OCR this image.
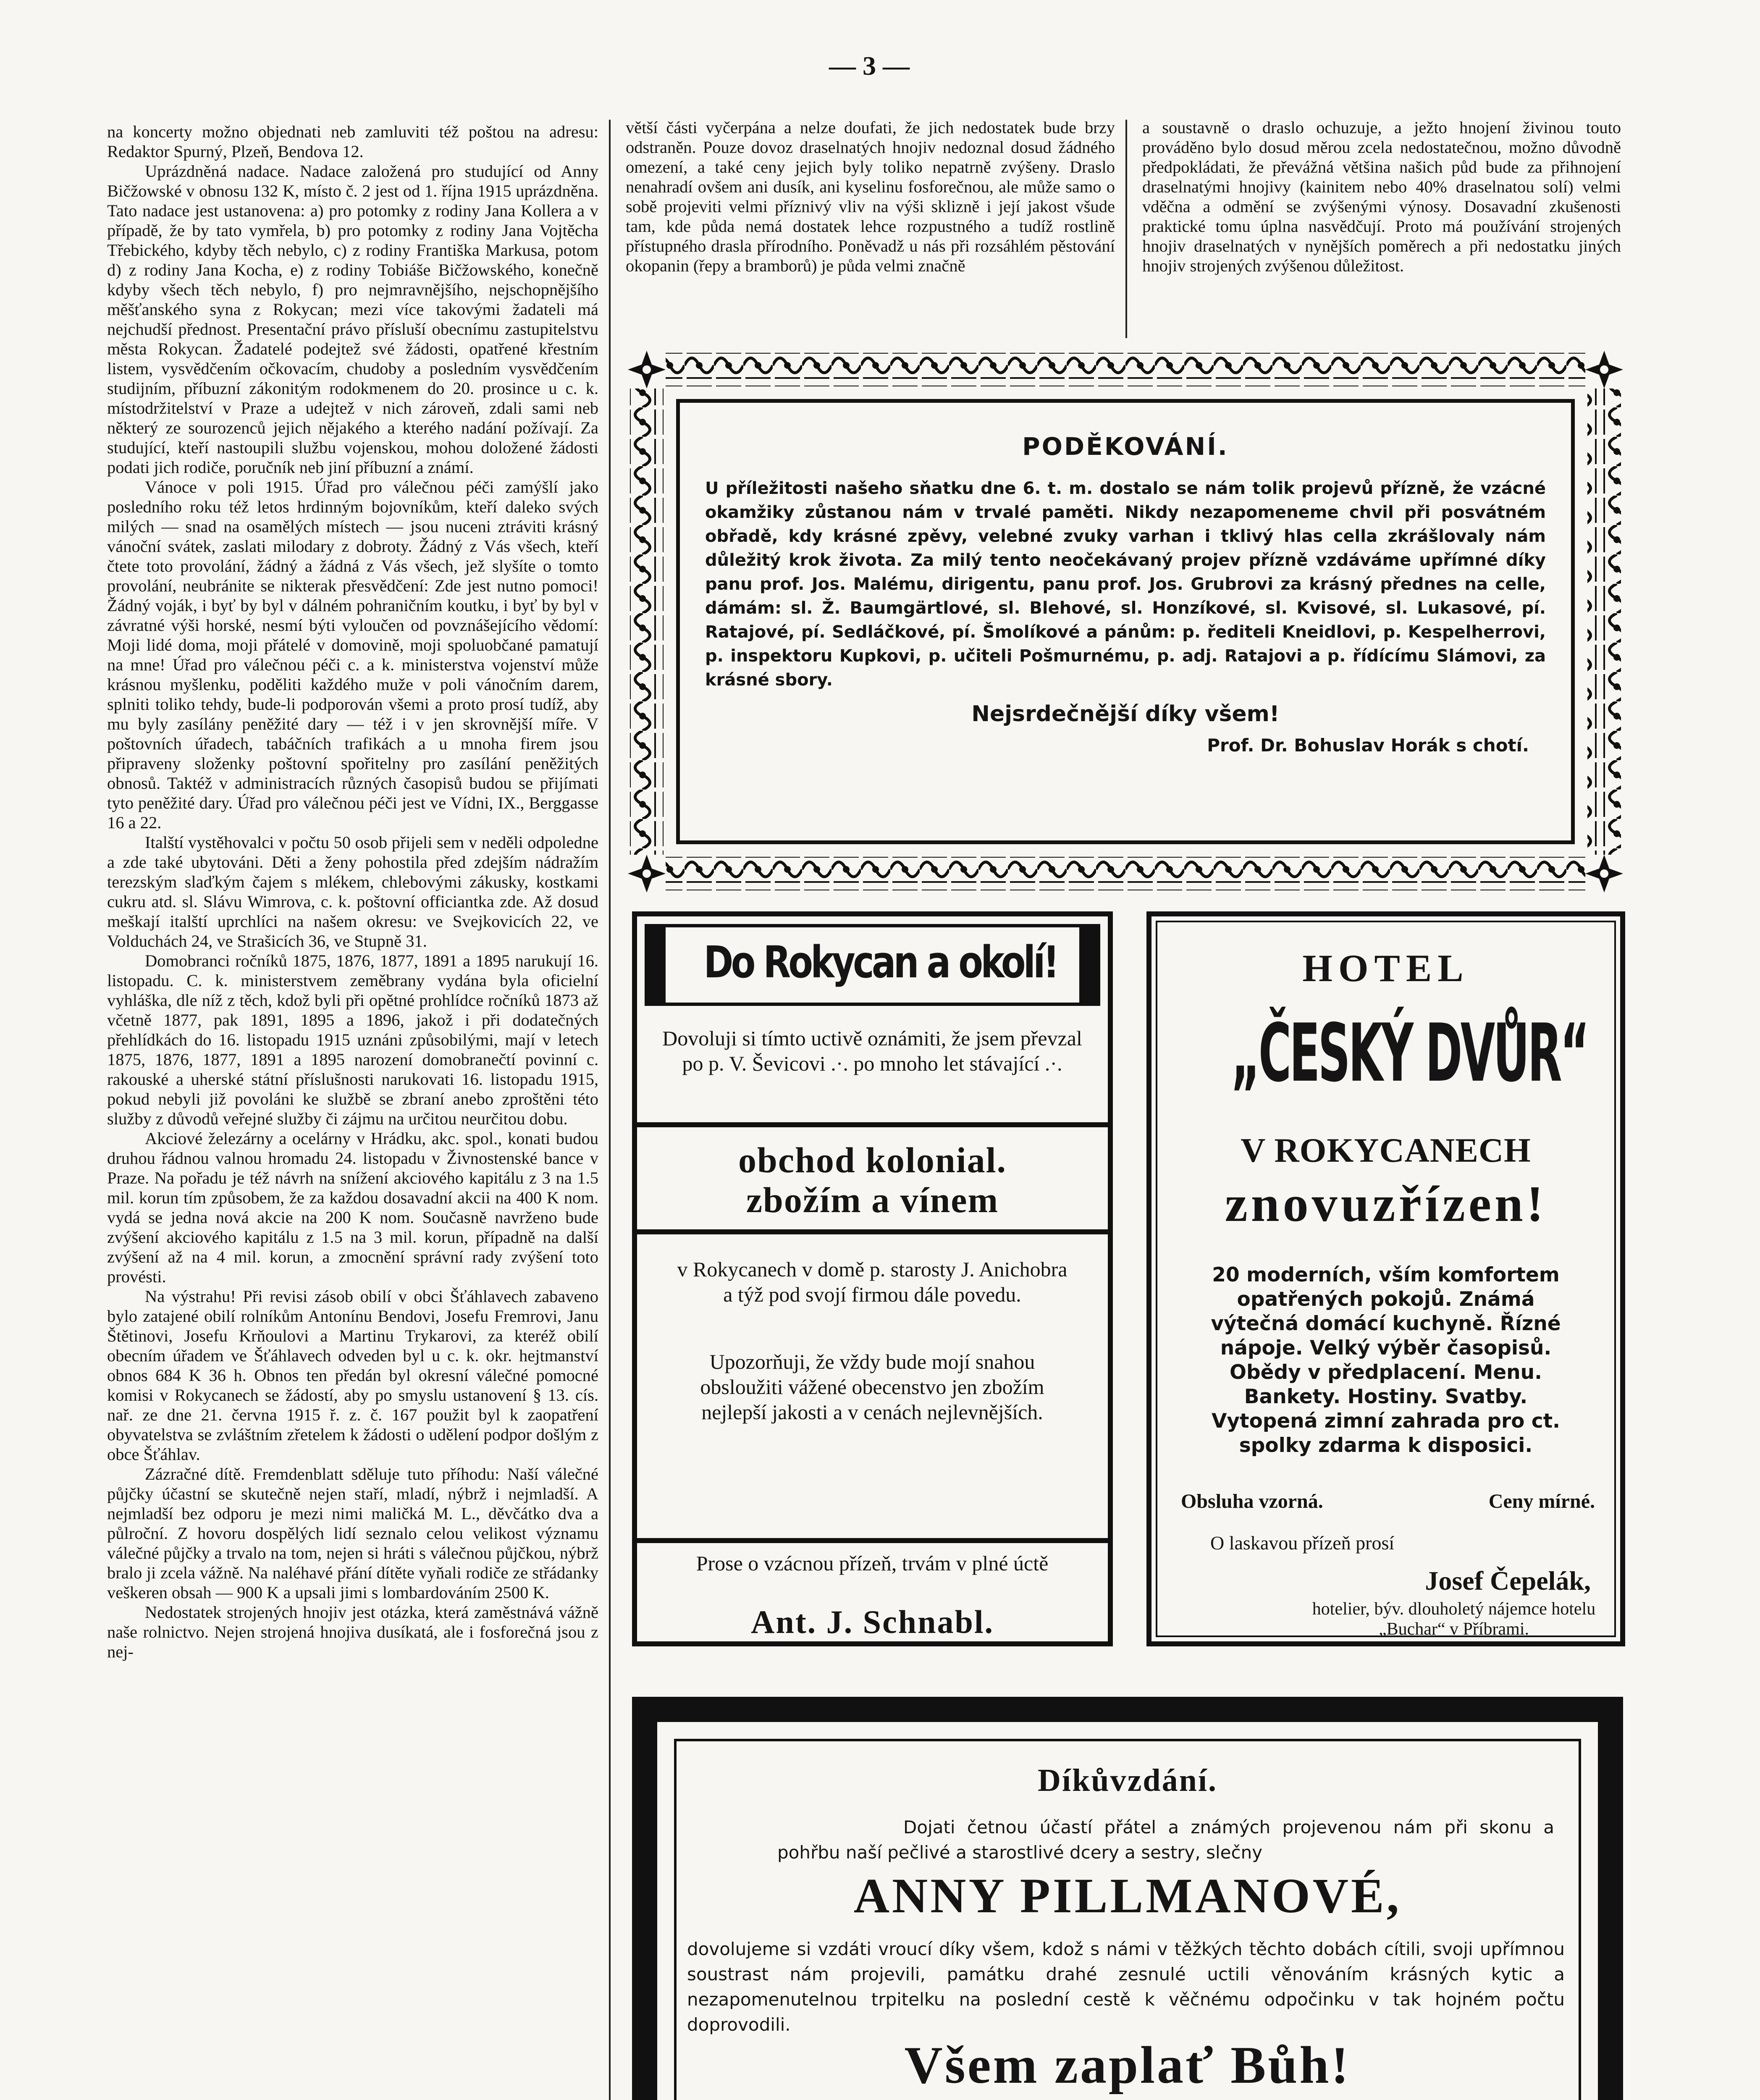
— 3 —

na koncerty možno objednati neb zamluviti též poštou na adresu: Redaktor Spurný, Plzeň, Bendova 12.

Uprázdněná nadace. Nadace založená pro studující od Anny Bičžowské v obnosu 132 K, místo č. 2 jest od 1. října 1915 uprázdněna. Tato nadace jest ustanovena: a) pro potomky z rodiny Jana Kollera a v případě, že by tato vymřela, b) pro potomky z rodiny Jana Vojtěcha Třebického, kdyby těch nebylo, c) z rodiny Františka Markusa, potom d) z rodiny Jana Kocha, e) z rodiny Tobiáše Bičžowského, konečně kdyby všech těch nebylo, f) pro nejmravnějšího, nejschopnějšího měšťanského syna z Rokycan; mezi více takovými žadateli má nejchudší přednost. Presentační právo přísluší obecnímu zastupitelstvu města Rokycan. Žadatelé podejtež své žádosti, opatřené křestním listem, vysvědčením očkovacím, chudoby a posledním vysvědčením studijním, příbuzní zákonitým rodokmenem do 20. prosince u c. k. místodržitelství v Praze a udejtež v nich zároveň, zdali sami neb některý ze sourozenců jejich nějakého a kterého nadání požívají. Za studující, kteří nastoupili službu vojenskou, mohou doložené žádosti podati jich rodiče, poručník neb jiní příbuzní a známí.

Vánoce v poli 1915. Úřad pro válečnou péči zamýšlí jako posledního roku též letos hrdinným bojovníkům, kteří daleko svých milých — snad na osamělých místech — jsou nuceni ztráviti krásný vánoční svátek, zaslati milodary z dobroty. Žádný z Vás všech, kteří čtete toto provolání, žádný a žádná z Vás všech, jež slyšíte o tomto provolání, neubránite se nikterak přesvědčení: Zde jest nutno pomoci! Žádný voják, i byť by byl v dálném pohraničním koutku, i byť by byl v závratné výši horské, nesmí býti vyloučen od povznášejícího vědomí: Moji lidé doma, moji přátelé v domovině, moji spoluobčané pamatují na mne! Úřad pro válečnou péči c. a k. ministerstva vojenství může krásnou myšlenku, poděliti každého muže v poli vánočním darem, splniti toliko tehdy, bude-li podporován všemi a proto prosí tudíž, aby mu byly zasílány peněžité dary — též i v jen skrovnější míře. V poštovních úřadech, tabáčních trafikách a u mnoha firem jsou připraveny složenky poštovní spořitelny pro zasílání peněžitých obnosů. Taktéž v administracích různých časopisů budou se přijímati tyto peněžité dary. Úřad pro válečnou péči jest ve Vídni, IX., Berggasse 16 a 22.

Italští vystěhovalci v počtu 50 osob přijeli sem v neděli odpoledne a zde také ubytováni. Děti a ženy pohostila před zdejším nádražím terezským slaďkým čajem s mlékem, chlebovými zákusky, kostkami cukru atd. sl. Slávu Wimrova, c. k. poštovní officiantka zde. Až dosud meškají italští uprchlíci na našem okresu: ve Svejkovicích 22, ve Volduchách 24, ve Strašicích 36, ve Stupně 31.

Domobranci ročníků 1875, 1876, 1877, 1891 a 1895 narukují 16. listopadu. C. k. ministerstvem zeměbrany vydána byla oficielní vyhláška, dle níž z těch, kdož byli při opětné prohlídce ročníků 1873 až včetně 1877, pak 1891, 1895 a 1896, jakož i při dodatečných přehlídkách do 16. listopadu 1915 uznáni způsobilými, mají v letech 1875, 1876, 1877, 1891 a 1895 narození domobranečtí povinní c. rakouské a uherské státní příslušnosti narukovati 16. listopadu 1915, pokud nebyli již povoláni ke službě se zbraní anebo zproštěni této služby z důvodů veřejné služby či zájmu na určitou neurčitou dobu.

Akciové železárny a ocelárny v Hrádku, akc. spol., konati budou druhou řádnou valnou hromadu 24. listopadu v Živnostenské bance v Praze. Na pořadu je též návrh na snížení akciového kapitálu z 3 na 1.5 mil. korun tím způsobem, že za každou dosavadní akcii na 400 K nom. vydá se jedna nová akcie na 200 K nom. Současně navrženo bude zvýšení akciového kapitálu z 1.5 na 3 mil. korun, případně na další zvýšení až na 4 mil. korun, a zmocnění správní rady zvýšení toto provésti.

Na výstrahu! Při revisi zásob obilí v obci Šťáhlavech zabaveno bylo zatajené obilí rolníkům Antonínu Bendovi, Josefu Fremrovi, Janu Štětinovi, Josefu Krňoulovi a Martinu Trykarovi, za kteréž obilí obecním úřadem ve Šťáhlavech odveden byl u c. k. okr. hejtmanství obnos 684 K 36 h. Obnos ten předán byl okresní válečné pomocné komisi v Rokycanech se žádostí, aby po smyslu ustanovení § 13. cís. nař. ze dne 21. června 1915 ř. z. č. 167 použit byl k zaopatření obyvatelstva se zvláštním zřetelem k žádosti o udělení podpor došlým z obce Šťáhlav.

Zázračné dítě. Fremdenblatt sděluje tuto příhodu: Naší válečné půjčky účastní se skutečně nejen staří, mladí, nýbrž i nejmladší. A nejmladší bez odporu je mezi nimi maličká M. L., děvčátko dva a půlroční. Z hovoru dospělých lidí seznalo celou velikost významu válečné půjčky a trvalo na tom, nejen si hráti s válečnou půjčkou, nýbrž bralo ji zcela vážně. Na naléhavé přání dítěte vyňali rodiče ze střádanky veškeren obsah — 900 K a upsali jimi s lombardováním 2500 K.

Nedostatek strojených hnojiv jest otázka, která zaměstnává vážně naše rolnictvo. Nejen strojená hnojiva dusíkatá, ale i fosforečná jsou z nej-

větší části vyčerpána a nelze doufati, že jich nedostatek bude brzy odstraněn. Pouze dovoz draselnatých hnojiv nedoznal dosud žádného omezení, a také ceny jejich byly toliko nepatrně zvýšeny. Draslo nenahradí ovšem ani dusík, ani kyselinu fosforečnou, ale může samo o sobě projeviti velmi příznivý vliv na výši sklizně i její jakost všude tam, kde půda nemá dostatek lehce rozpustného a tudíž rostlině přístupného drasla přírodního. Poněvadž u nás při rozsáhlém pěstování okopanin (řepy a bramborů) je půda velmi značně

a soustavně o draslo ochuzuje, a ježto hnojení živinou touto prováděno bylo dosud měrou zcela nedostatečnou, možno důvodně předpokládati, že převážná většina našich půd bude za přihnojení draselnatými hnojivy (kainitem nebo 40% draselnatou solí) velmi vděčna a odmění se zvýšenými výnosy. Dosavadní zkušenosti praktické tomu úplna nasvědčují. Proto má používání strojených hnojiv draselnatých v nynějších poměrech a při nedostatku jiných hnojiv strojených zvýšenou důležitost.

PODĚKOVÁNÍ.
U příležitosti našeho sňatku dne 6. t. m. dostalo se nám tolik projevů přízně, že vzácné okamžiky zůstanou nám v trvalé paměti. Nikdy nezapomeneme chvil při posvátném obřadě, kdy krásné zpěvy, velebné zvuky varhan i tklivý hlas cella zkrášlovaly nám důležitý krok života. Za milý tento neočekávaný projev přízně vzdáváme upřímné díky panu prof. Jos. Malému, dirigentu, panu prof. Jos. Grubrovi za krásný přednes na celle, dámám: sl. Ž. Baumgärtlové, sl. Blehové, sl. Honzíkové, sl. Kvisové, sl. Lukasové, pí. Ratajové, pí. Sedláčkové, pí. Šmolíkové a pánům: p. řediteli Kneidlovi, p. Kespelherrovi, p. inspektoru Kupkovi, p. učiteli Pošmurnému, p. adj. Ratajovi a p. řídícímu Slámovi, za krásné sbory.
Nejsrdečnější díky všem!
Prof. Dr. Bohuslav Horák s chotí.
Do Rokycan a okolí!
Dovoluji si tímto uctivě oznámiti, že jsem převzal po p. V. Ševicovi .·. po mnoho let stávající .·.
obchod kolonial.
zbožím a vínem
v Rokycanech v domě p. starosty J. Anichobra a týž pod svojí firmou dále povedu.
Upozorňuji, že vždy bude mojí snahou obsloužiti vážené obecenstvo jen zbožím nejlepší jakosti a v cenách nejlevnějších.
Prose o vzácnou přízeň, trvám v plné úctě
Ant. J. Schnabl.
HOTEL
„ČESKÝ DVŮR“
V ROKYCANECH
znovuzřízen!
20 moderních, vším komfortem opatřených pokojů. Známá výtečná domácí kuchyně. Řízné nápoje. Velký výběr časopisů. Obědy v předplacení. Menu. Bankety. Hostiny. Svatby. Vytopená zimní zahrada pro ct. spolky zdarma k disposici.
Obsluha vzorná.	Ceny mírné.
O laskavou přízeň prosí
Josef Čepelák,
hotelier, býv. dlouholetý nájemce hotelu „Buchar“ v Příbrami.
Díkůvzdání.
Dojati četnou účastí přátel a známých projevenou nám při skonu a pohřbu naší pečlivé a starostlivé dcery a sestry, slečny
ANNY PILLMANOVÉ,
dovolujeme si vzdáti vroucí díky všem, kdož s námi v těžkých těchto dobách cítili, svoji upřímnou soustrast nám projevili, památku drahé zesnulé uctili věnováním krásných kytic a nezapomenutelnou trpitelku na poslední cestě k věčnému odpočinku v tak hojném počtu doprovodili.
Všem zaplať Bůh!
